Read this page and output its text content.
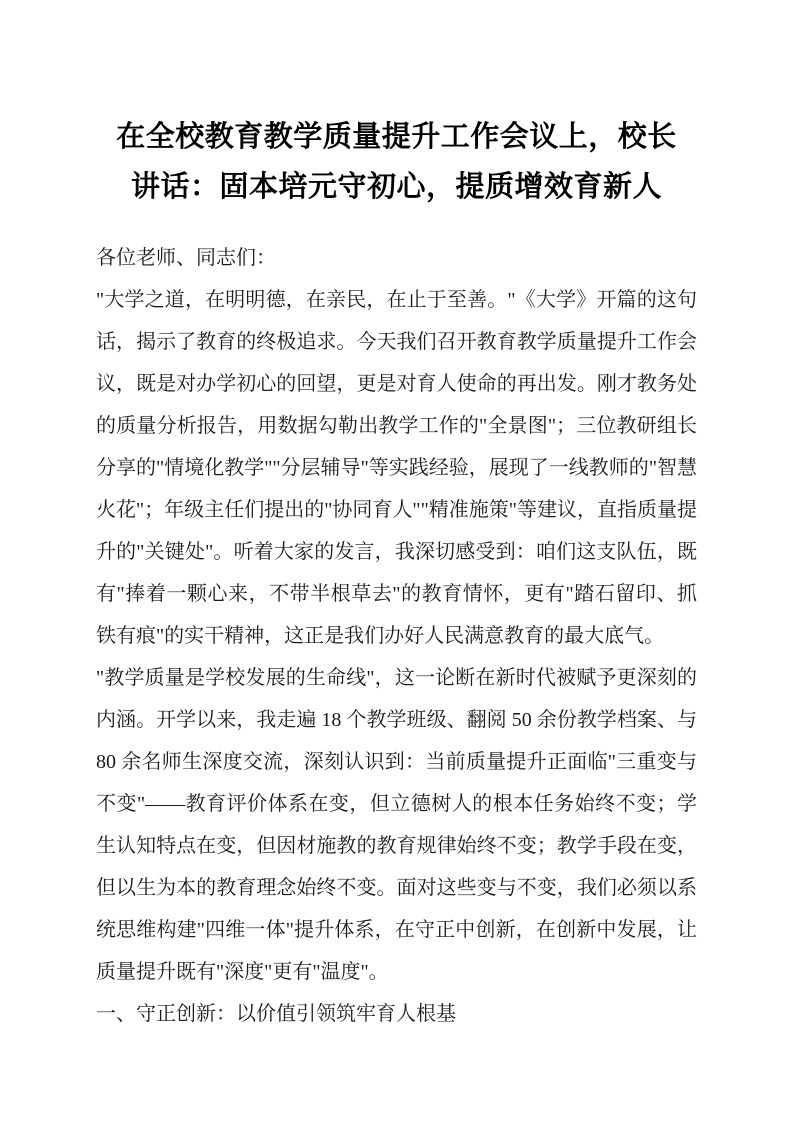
在全校教育教学质量提升工作会议上，校长
讲话：固本培元守初心，提质增效育新人

各位老师、同志们：

"大学之道，在明明德，在亲民，在止于至善。"《大学》开篇的这句话，揭示了教育的终极追求。今天我们召开教育教学质量提升工作会议，既是对办学初心的回望，更是对育人使命的再出发。刚才教务处的质量分析报告，用数据勾勒出教学工作的"全景图"；三位教研组长分享的"情境化教学""分层辅导"等实践经验，展现了一线教师的"智慧火花"；年级主任们提出的"协同育人""精准施策"等建议，直指质量提升的"关键处"。听着大家的发言，我深切感受到：咱们这支队伍，既有"捧着一颗心来，不带半根草去"的教育情怀，更有"踏石留印、抓铁有痕"的实干精神，这正是我们办好人民满意教育的最大底气。

"教学质量是学校发展的生命线"，这一论断在新时代被赋予更深刻的内涵。开学以来，我走遍 18 个教学班级、翻阅 50 余份教学档案、与 80 余名师生深度交流，深刻认识到：当前质量提升正面临"三重变与不变"——教育评价体系在变，但立德树人的根本任务始终不变；学生认知特点在变，但因材施教的教育规律始终不变；教学手段在变，但以生为本的教育理念始终不变。面对这些变与不变，我们必须以系统思维构建"四维一体"提升体系，在守正中创新，在创新中发展，让质量提升既有"深度"更有"温度"。

一、守正创新：以价值引领筑牢育人根基
